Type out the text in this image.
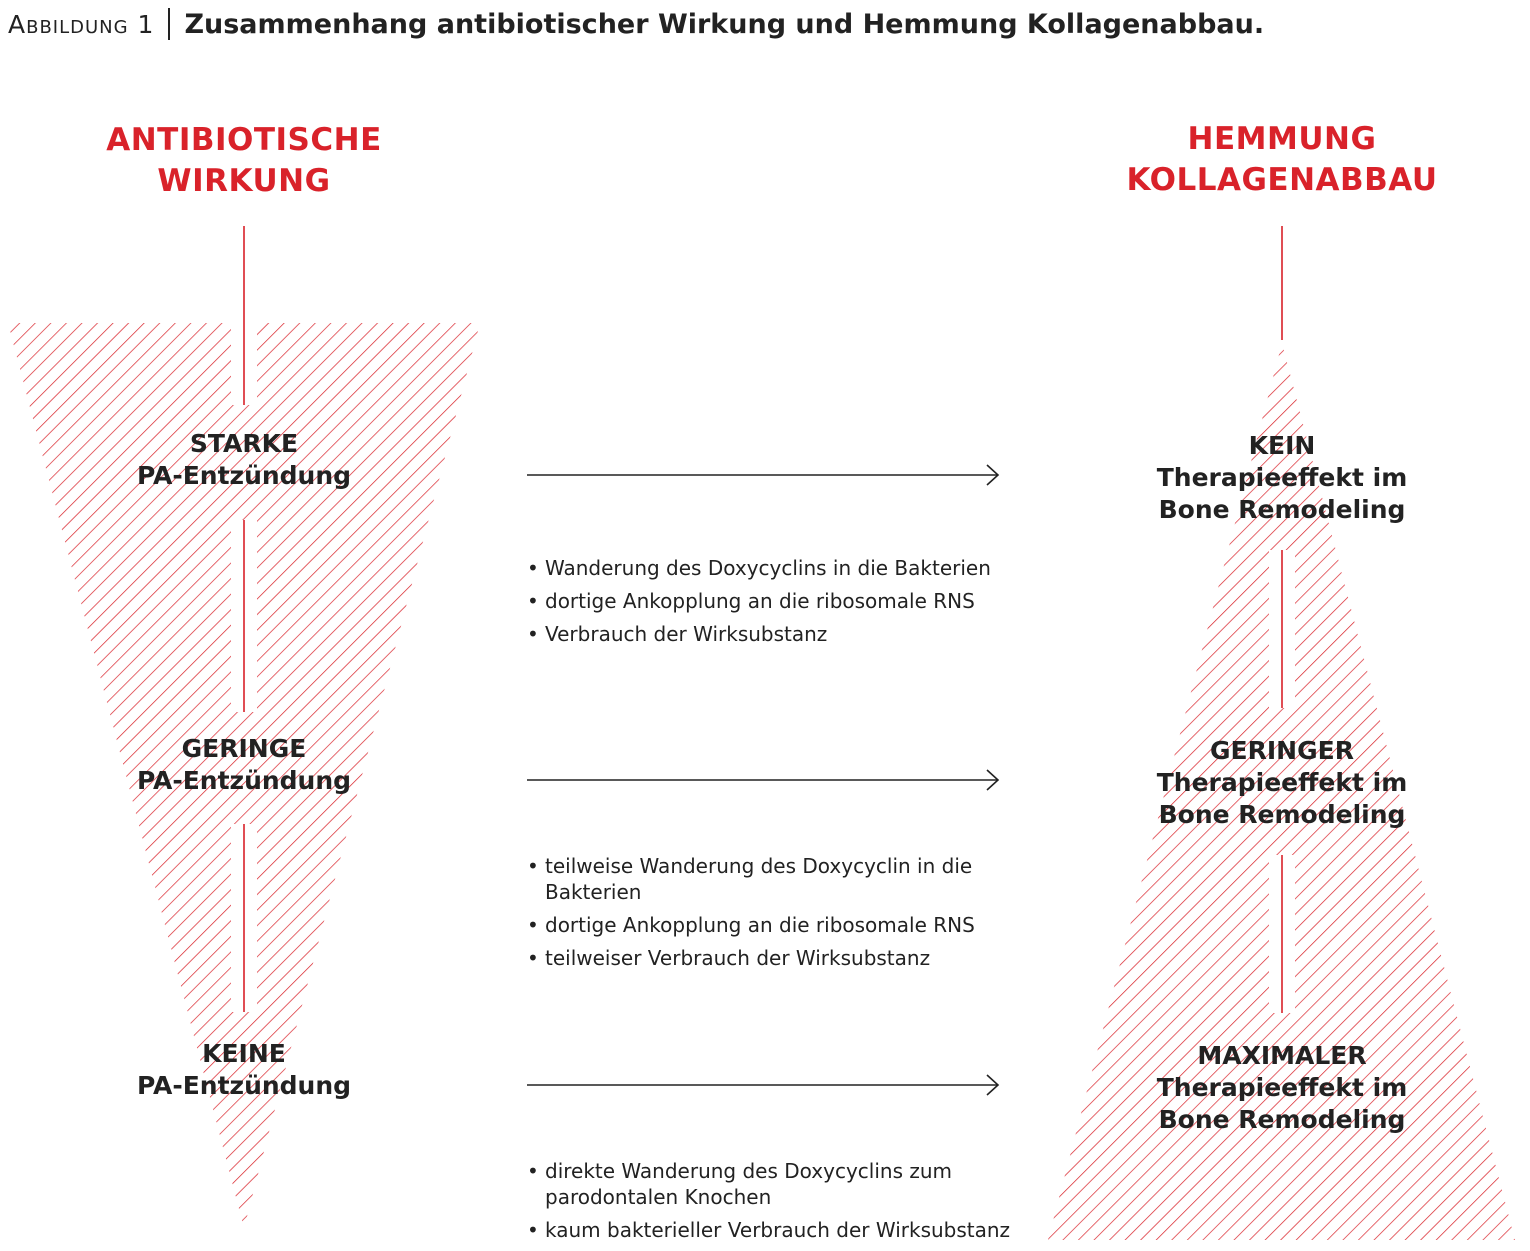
Abbildung 1 Zusammenhang antibiotischer Wirkung und Hemmung Kollagenabbau.
ANTIBIOTISCHE
WIRKUNG
HEMMUNG
KOLLAGENABBAU
STARKE
PA-Entzündung
GERINGE
PA-Entzündung
KEINE
PA-Entzündung
KEIN
Therapieeffekt im
Bone Remodeling
GERINGER
Therapieeffekt im
Bone Remodeling
MAXIMALER
Therapieeffekt im
Bone Remodeling
• Wanderung des Doxycyclins in die Bakterien
• dortige Ankopplung an die ribosomale RNS
• Verbrauch der Wirksubstanz
• teilweise Wanderung des Doxycyclin in die Bakterien
• dortige Ankopplung an die ribosomale RNS
• teilweiser Verbrauch der Wirksubstanz
• direkte Wanderung des Doxycyclins zum parodontalen Knochen
• kaum bakterieller Verbrauch der Wirksubstanz
